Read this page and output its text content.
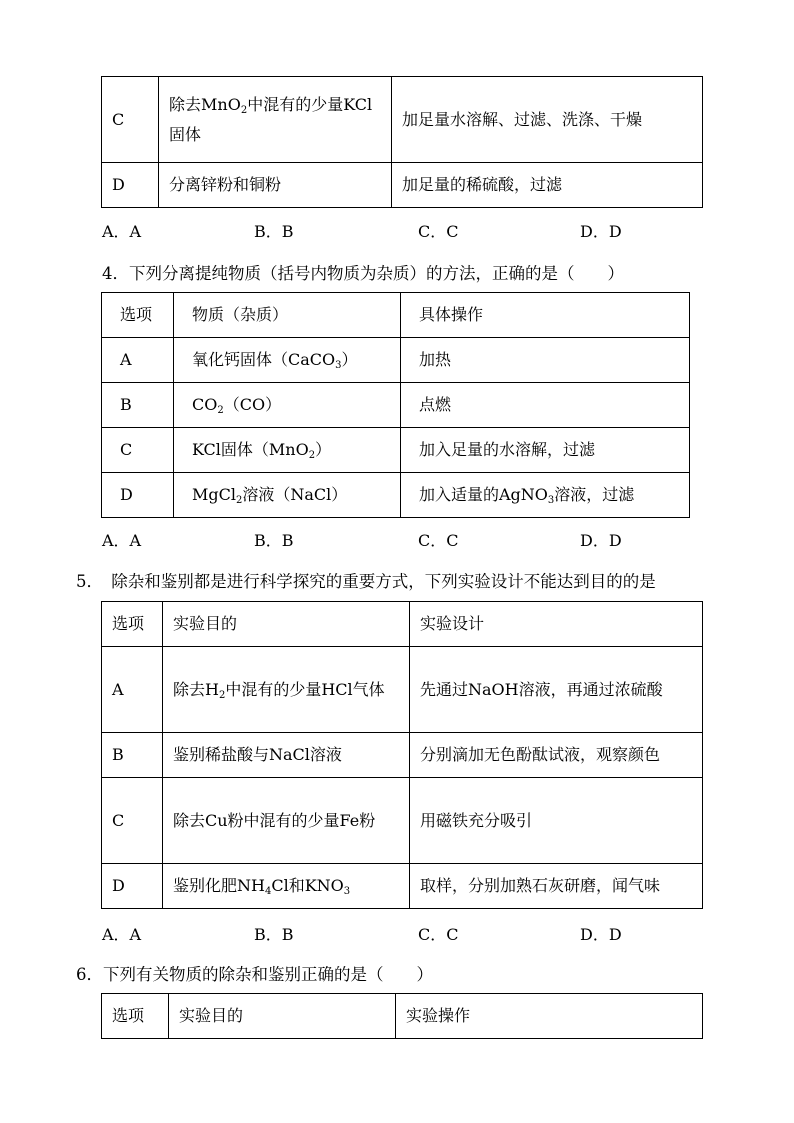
C	除去MnO$_2$中混有的少量KCl固体	加足量水溶解、过滤、洗涤、干燥
D	分离锌粉和铜粉	加足量的稀硫酸，过滤
A．A	B．B	C．C	D．D
4．下列分离提纯物质（括号内物质为杂质）的方法，正确的是（　　）
选项	物质（杂质）	具体操作
A	氧化钙固体（CaCO$_3$）	加热
B	$CO_2(CO)$	点燃
C	KCl固体（MnO$_2$）	加入足量的水溶解，过滤
D	MgCl$_2$溶液（NaCl）	加入适量的AgNO$_3$溶液，过滤
A．A	B．B	C．C	D．D
5．　除杂和鉴别都是进行科学探究的重要方式，下列实验设计不能达到目的的是
选项	实验目的	实验设计
A	除去$H_2$中混有的少量HCl气体	先通过NaOH溶液，再通过浓硫酸
B	鉴别稀盐酸与NaCl溶液	分别滴加无色酚酞试液，观察颜色
C	除去Cu粉中混有的少量Fe粉	用磁铁充分吸引
D	鉴别化肥$NH_4Cl$和$KNO_3$	取样，分别加熟石灰研磨，闻气味
A．A	B．B	C．C	D．D
6．下列有关物质的除杂和鉴别正确的是（　　）
选项	实验目的	实验操作
